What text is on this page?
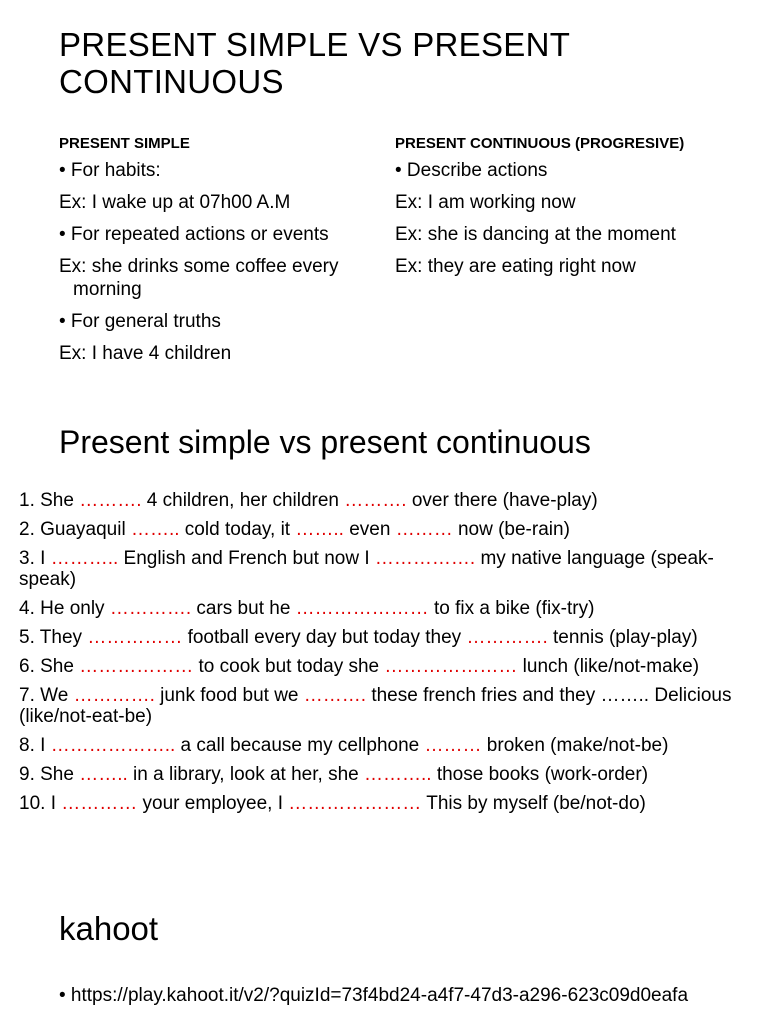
PRESENT SIMPLE VS PRESENT CONTINUOUS
PRESENT SIMPLE

• For habits:

Ex: I wake up at 07h00 A.M

• For repeated actions or events

Ex: she drinks some coffee every morning

• For general truths

Ex: I have 4 children

PRESENT CONTINUOUS (PROGRESIVE)

• Describe actions

Ex: I am working now

Ex: she is dancing at the moment

Ex: they are eating right now

Present simple vs present continuous

1. She ………. 4 children, her children ………. over there (have-play)

2. Guayaquil …….. cold today, it …….. even ……… now (be-rain)

3. I ……….. English and French but now I ……………. my native language (speak-speak)

4. He only …………. cars but he ………………… to fix a bike (fix-try)

5. They …………… football every day but today they …………. tennis (play-play)

6. She ……………… to cook but today she ………………… lunch (like/not-make)

7. We …………. junk food but we ………. these french fries and they …….. Delicious (like/not-eat-be)

8. I ……………….. a call because my cellphone ……… broken (make/not-be)

9. She …….. in a library, look at her, she ……….. those books (work-order)

10. I ………… your employee, I ………………… This by myself (be/not-do)

kahoot

• https://play.kahoot.it/v2/?quizId=73f4bd24-a4f7-47d3-a296-623c09d0eafa
